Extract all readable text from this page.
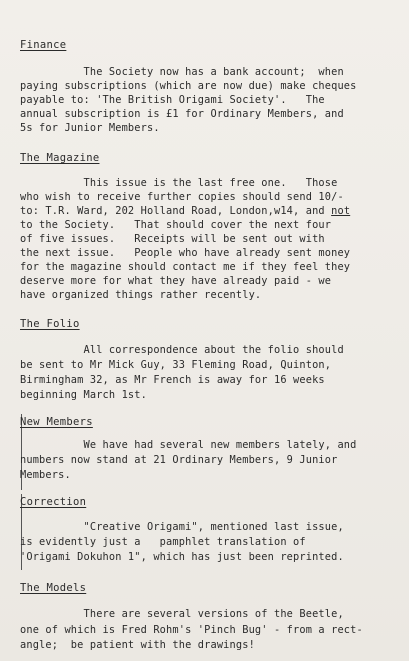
Finance
The Society now has a bank account;  when
paying subscriptions (which are now due) make cheques
payable to: 'The British Origami Society'.   The
annual subscription is £1 for Ordinary Members, and
5s for Junior Members.
The Magazine
This issue is the last free one.   Those
who wish to receive further copies should send 10/-
to: T.R. Ward, 202 Holland Road, London,w14, and not
to the Society.   That should cover the next four
of five issues.   Receipts will be sent out with
the next issue.   People who have already sent money
for the magazine should contact me if they feel they
deserve more for what they have already paid - we
have organized things rather recently.
The Folio
All correspondence about the folio should
be sent to Mr Mick Guy, 33 Fleming Road, Quinton,
Birmingham 32, as Mr French is away for 16 weeks
beginning March 1st.
New Members
We have had several new members lately, and
numbers now stand at 21 Ordinary Members, 9 Junior
Members.
Correction
"Creative Origami", mentioned last issue,
is evidently just a   pamphlet translation of
'Origami Dokuhon 1", which has just been reprinted.
The Models
There are several versions of the Beetle,
one of which is Fred Rohm's 'Pinch Bug' - from a rect-
angle;  be patient with the drawings!
